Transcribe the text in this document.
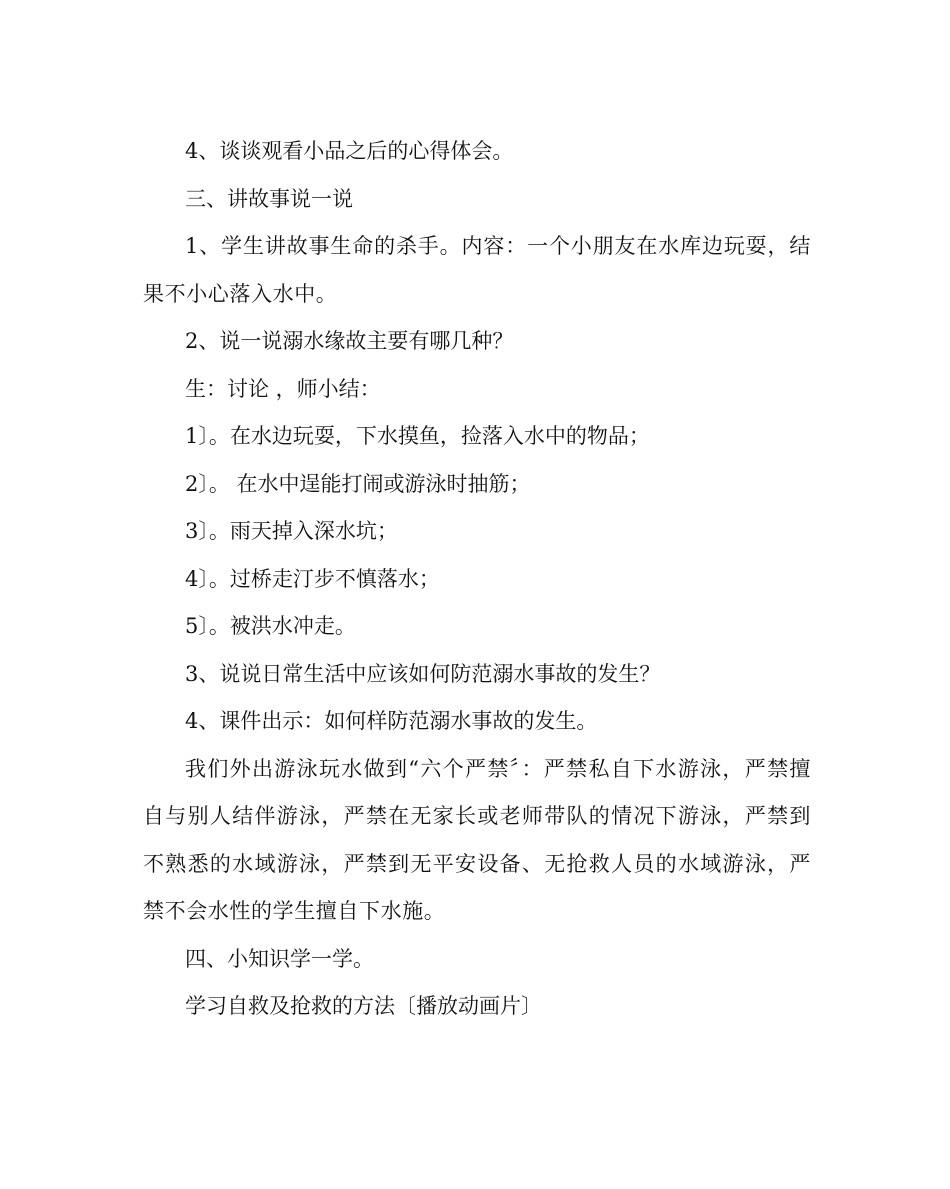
4、谈谈观看小品之后的心得体会。

三、讲故事说一说

1、学生讲故事生命的杀手。内容：一个小朋友在水库边玩耍，结果不小心落入水中。

2、说一说溺水缘故主要有哪几种？

生：讨论 ，师小结：

1〕。在水边玩耍，下水摸鱼，捡落入水中的物品；

2〕。 在水中逞能打闹或游泳时抽筋；

3〕。雨天掉入深水坑；

4〕。过桥走汀步不慎落水；

5〕。被洪水冲走。

3、说说日常生活中应该如何防范溺水事故的发生？

4、课件出示：如何样防范溺水事故的发生。

我们外出游泳玩水做到“六个严禁〞：严禁私自下水游泳，严禁擅自与别人结伴游泳，严禁在无家长或老师带队的情况下游泳，严禁到不熟悉的水域游泳，严禁到无平安设备、无抢救人员的水域游泳，严禁不会水性的学生擅自下水施。

四、小知识学一学。

学习自救及抢救的方法〔播放动画片〕
